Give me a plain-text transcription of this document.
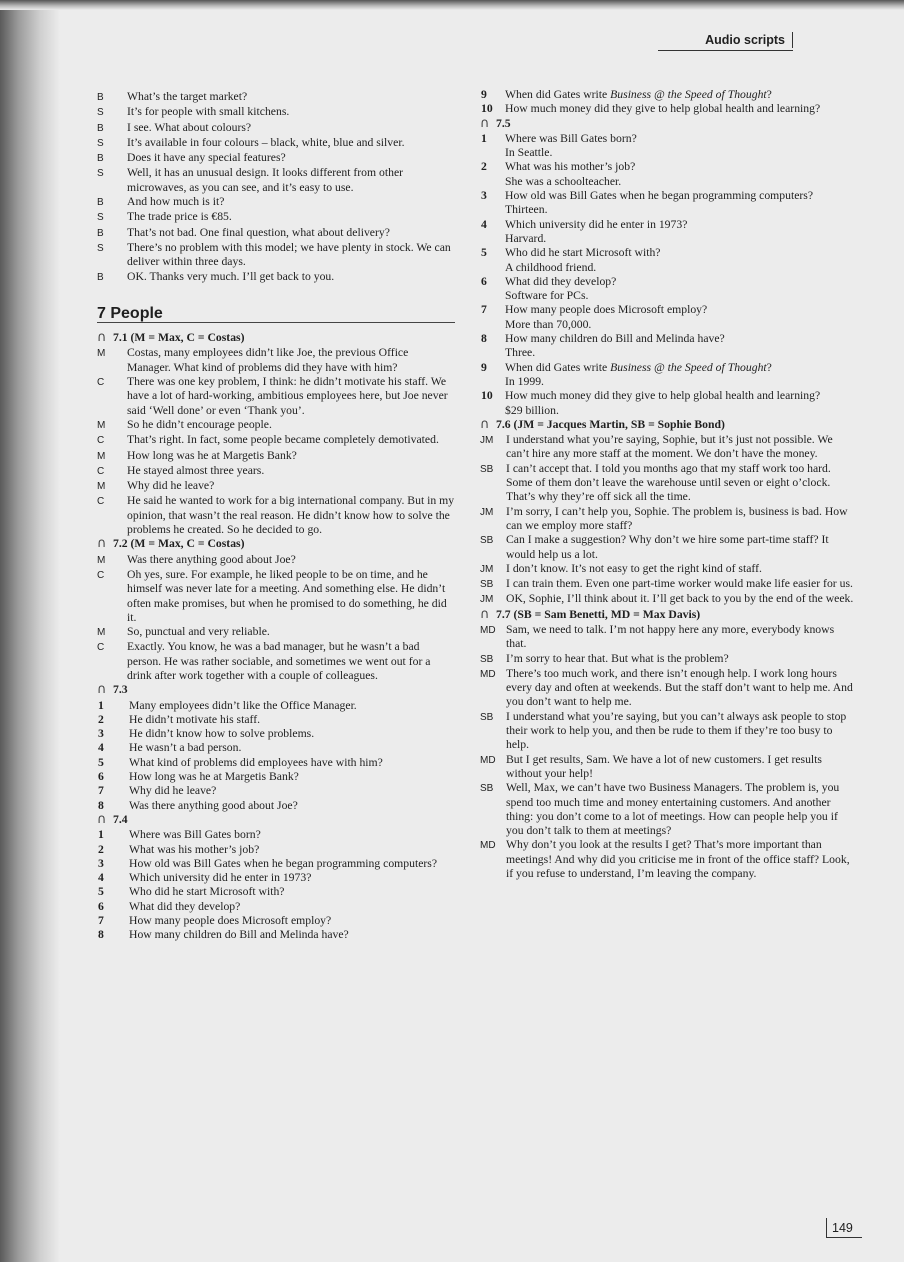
Audio scripts
B	What’s the target market?
S	It’s for people with small kitchens.
B	I see. What about colours?
S	It’s available in four colours – black, white, blue and silver.
B	Does it have any special features?
S	Well, it has an unusual design. It looks different from other microwaves, as you can see, and it’s easy to use.
B	And how much is it?
S	The trade price is €85.
B	That’s not bad. One final question, what about delivery?
S	There’s no problem with this model; we have plenty in stock. We can deliver within three days.
B	OK. Thanks very much. I’ll get back to you.
7 People
∩ 7.1 (M = Max, C = Costas)
M	Costas, many employees didn’t like Joe, the previous Office Manager. What kind of problems did they have with him?
C	There was one key problem, I think: he didn’t motivate his staff. We have a lot of hard-working, ambitious employees here, but Joe never said ‘Well done’ or even ‘Thank you’.
M	So he didn’t encourage people.
C	That’s right. In fact, some people became completely demotivated.
M	How long was he at Margetis Bank?
C	He stayed almost three years.
M	Why did he leave?
C	He said he wanted to work for a big international company. But in my opinion, that wasn’t the real reason. He didn’t know how to solve the problems he created. So he decided to go.
∩ 7.2 (M = Max, C = Costas)
M	Was there anything good about Joe?
C	Oh yes, sure. For example, he liked people to be on time, and he himself was never late for a meeting. And something else. He didn’t often make promises, but when he promised to do something, he did it.
M	So, punctual and very reliable.
C	Exactly. You know, he was a bad manager, but he wasn’t a bad person. He was rather sociable, and sometimes we went out for a drink after work together with a couple of colleagues.
∩ 7.3
1	Many employees didn’t like the Office Manager.
2	He didn’t motivate his staff.
3	He didn’t know how to solve problems.
4	He wasn’t a bad person.
5	What kind of problems did employees have with him?
6	How long was he at Margetis Bank?
7	Why did he leave?
8	Was there anything good about Joe?
∩ 7.4
1	Where was Bill Gates born?
2	What was his mother’s job?
3	How old was Bill Gates when he began programming computers?
4	Which university did he enter in 1973?
5	Who did he start Microsoft with?
6	What did they develop?
7	How many people does Microsoft employ?
8	How many children do Bill and Melinda have?
9	When did Gates write Business @ the Speed of Thought?
10	How much money did they give to help global health and learning?
∩ 7.5
1	Where was Bill Gates born?
In Seattle.
2	What was his mother’s job?
She was a schoolteacher.
3	How old was Bill Gates when he began programming computers?
Thirteen.
4	Which university did he enter in 1973?
Harvard.
5	Who did he start Microsoft with?
A childhood friend.
6	What did they develop?
Software for PCs.
7	How many people does Microsoft employ?
More than 70,000.
8	How many children do Bill and Melinda have?
Three.
9	When did Gates write Business @ the Speed of Thought?
In 1999.
10	How much money did they give to help global health and learning?
$29 billion.
∩ 7.6 (JM = Jacques Martin, SB = Sophie Bond)
JM	I understand what you’re saying, Sophie, but it’s just not possible. We can’t hire any more staff at the moment. We don’t have the money.
SB	I can’t accept that. I told you months ago that my staff work too hard. Some of them don’t leave the warehouse until seven or eight o’clock. That’s why they’re off sick all the time.
JM	I’m sorry, I can’t help you, Sophie. The problem is, business is bad. How can we employ more staff?
SB	Can I make a suggestion? Why don’t we hire some part-time staff? It would help us a lot.
JM	I don’t know. It’s not easy to get the right kind of staff.
SB	I can train them. Even one part-time worker would make life easier for us.
JM	OK, Sophie, I’ll think about it. I’ll get back to you by the end of the week.
∩ 7.7 (SB = Sam Benetti, MD = Max Davis)
MD Sam, we need to talk. I’m not happy here any more, everybody knows that.
SB	I’m sorry to hear that. But what is the problem?
MD There’s too much work, and there isn’t enough help. I work long hours every day and often at weekends. But the staff don’t want to help me. And you don’t want to help me.
SB	I understand what you’re saying, but you can’t always ask people to stop their work to help you, and then be rude to them if they’re too busy to help.
MD But I get results, Sam. We have a lot of new customers. I get results without your help!
SB	Well, Max, we can’t have two Business Managers. The problem is, you spend too much time and money entertaining customers. And another thing: you don’t come to a lot of meetings. How can people help you if you don’t talk to them at meetings?
MD Why don’t you look at the results I get? That’s more important than meetings! And why did you criticise me in front of the office staff? Look, if you refuse to understand, I’m leaving the company.
149
